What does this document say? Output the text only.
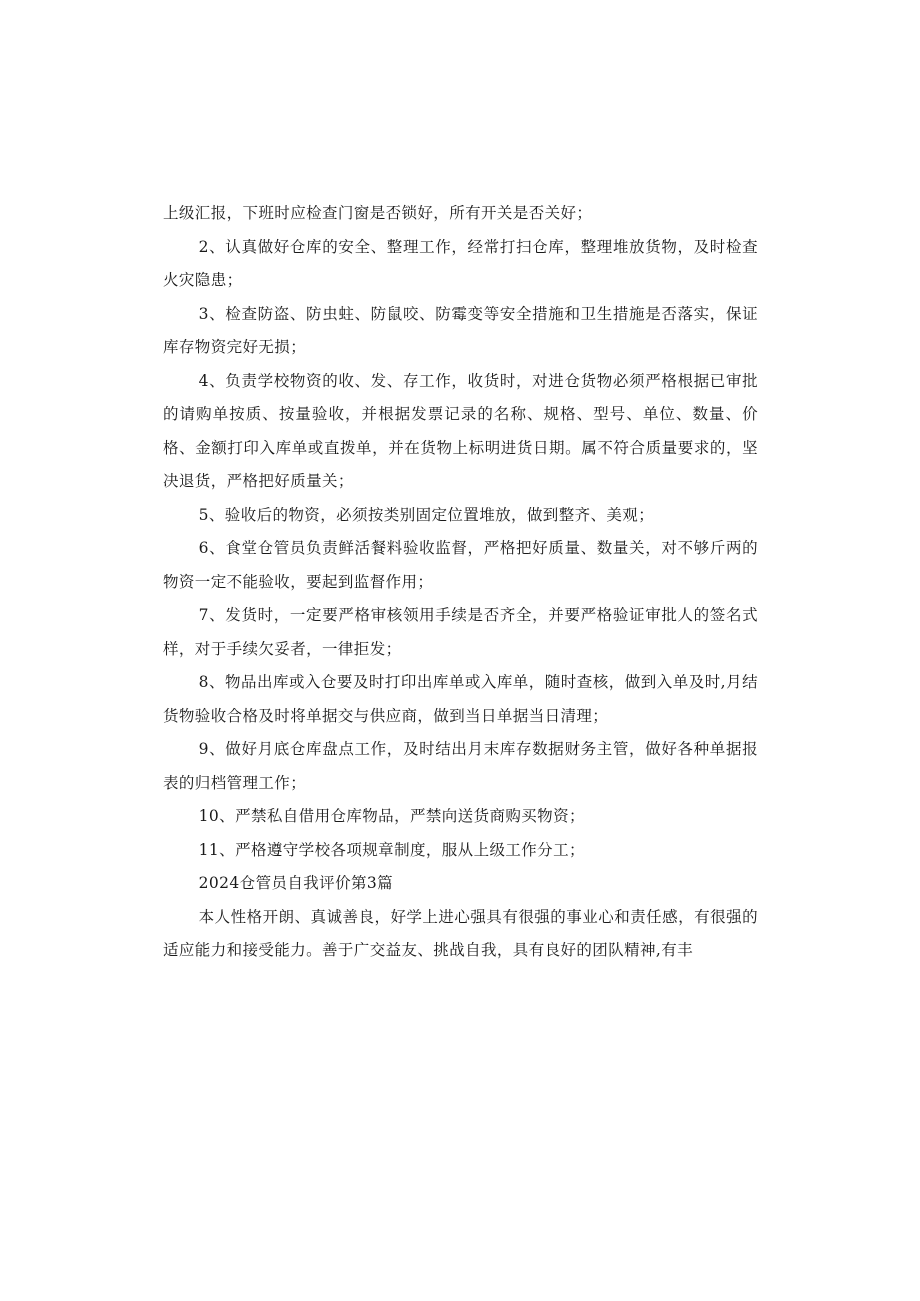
上级汇报，下班时应检查门窗是否锁好，所有开关是否关好；

2、认真做好仓库的安全、整理工作，经常打扫仓库，整理堆放货物，及时检查火灾隐患；

3、检查防盗、防虫蛀、防鼠咬、防霉变等安全措施和卫生措施是否落实，保证库存物资完好无损；

4、负责学校物资的收、发、存工作，收货时，对进仓货物必须严格根据已审批的请购单按质、按量验收，并根据发票记录的名称、规格、型号、单位、数量、价格、金额打印入库单或直拨单，并在货物上标明进货日期。属不符合质量要求的，坚决退货，严格把好质量关；

5、验收后的物资，必须按类别固定位置堆放，做到整齐、美观；

6、食堂仓管员负责鲜活餐料验收监督，严格把好质量、数量关，对不够斤两的物资一定不能验收，要起到监督作用；

7、发货时，一定要严格审核领用手续是否齐全，并要严格验证审批人的签名式样，对于手续欠妥者，一律拒发；

8、物品出库或入仓要及时打印出库单或入库单，随时查核，做到入单及时,月结货物验收合格及时将单据交与供应商，做到当日单据当日清理；

9、做好月底仓库盘点工作，及时结出月末库存数据财务主管，做好各种单据报表的归档管理工作；

10、严禁私自借用仓库物品，严禁向送货商购买物资；

11、严格遵守学校各项规章制度，服从上级工作分工；

2024仓管员自我评价第3篇

本人性格开朗、真诚善良，好学上进心强具有很强的事业心和责任感，有很强的适应能力和接受能力。善于广交益友、挑战自我，具有良好的团队精神,有丰
